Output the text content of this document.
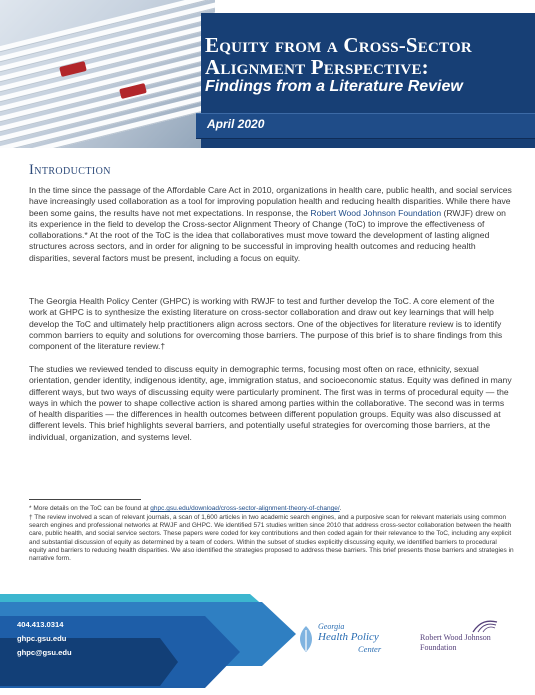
Equity from a Cross-Sector
Alignment Perspective:
Findings from a Literature Review
April 2020
Introduction

In the time since the passage of the Affordable Care Act in 2010, organizations in health care, public health, and social services have increasingly used collaboration as a tool for improving population health and reducing health disparities. While there have been some gains, the results have not met expectations. In response, the Robert Wood Johnson Foundation (RWJF) drew on its experience in the field to develop the Cross-sector Alignment Theory of Change (ToC) to improve the effectiveness of collaborations.* At the root of the ToC is the idea that collaboratives must move toward the development of lasting aligned structures across sectors, and in order for aligning to be successful in improving health outcomes and reducing health disparities, several factors must be present, including a focus on equity.

The Georgia Health Policy Center (GHPC) is working with RWJF to test and further develop the ToC. A core element of the work at GHPC is to synthesize the existing literature on cross-sector collaboration and draw out key learnings that will help develop the ToC and ultimately help practitioners align across sectors. One of the objectives for literature review is to identify common barriers to equity and solutions for overcoming those barriers. The purpose of this brief is to share findings from this component of the literature review.†

The studies we reviewed tended to discuss equity in demographic terms, focusing most often on race, ethnicity, sexual orientation, gender identity, indigenous identity, age, immigration status, and socioeconomic status. Equity was defined in many different ways, but two ways of discussing equity were particularly prominent. The first was in terms of procedural equity — the ways in which the power to shape collective action is shared among parties within the collaborative. The second was in terms of health disparities — the differences in health outcomes between different population groups. Equity was also discussed at different levels. This brief highlights several barriers, and potentially useful strategies for overcoming those barriers, at the individual, organization, and systems level.

* More details on the ToC can be found at ghpc.gsu.edu/download/cross-sector-alignment-theory-of-change/.

† The review involved a scan of relevant journals, a scan of 1,600 articles in two academic search engines, and a purposive scan for relevant materials using common search engines and professional networks at RWJF and GHPC. We identified 571 studies written since 2010 that address cross-sector collaboration between the health care, public health, and social service sectors. These papers were coded for key contributions and then coded again for their relevance to the ToC, including any explicit and substantial discussion of equity as determined by a team of coders. Within the subset of studies explicitly discussing equity, we identified barriers to procedural equity and barriers to reducing health disparities. We also identified the strategies proposed to address these barriers. This brief presents those barriers and strategies in narrative form.

404.413.0314
ghpc.gsu.edu
ghpc@gsu.edu
Georgia
Health Policy
Center
Robert Wood Johnson
Foundation
